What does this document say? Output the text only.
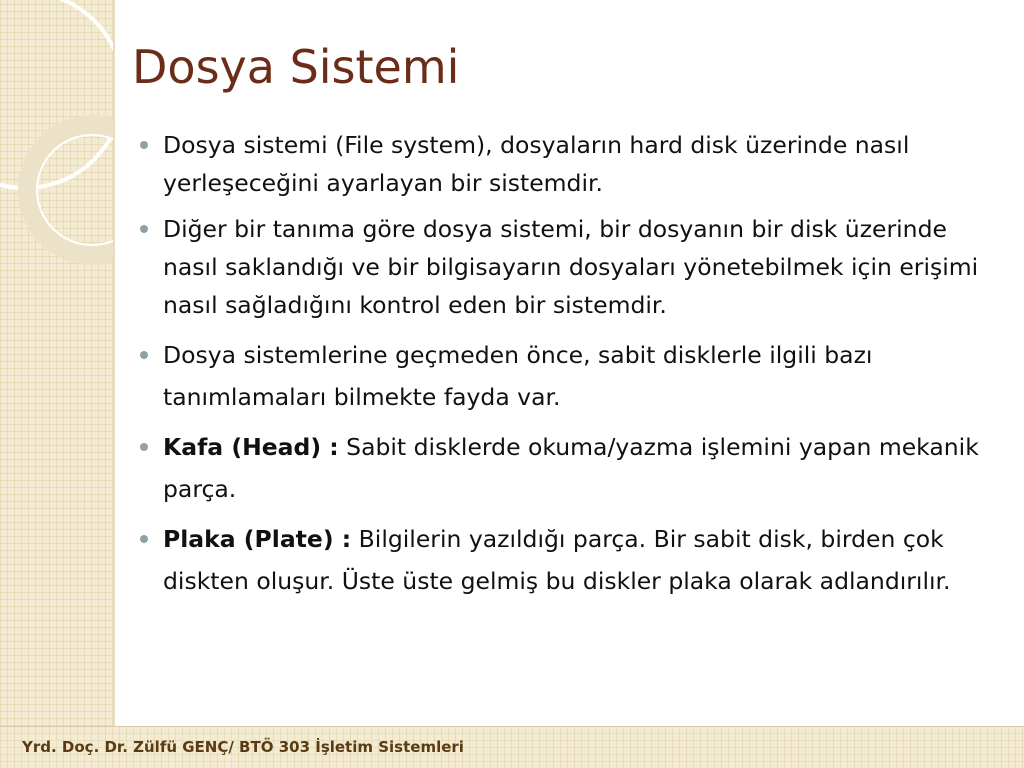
Dosya Sistemi
Dosya sistemi (File system), dosyaların hard disk üzerinde nasıl yerleşeceğini ayarlayan bir sistemdir.
Diğer bir tanıma göre dosya sistemi, bir dosyanın bir disk üzerinde nasıl saklandığı ve bir bilgisayarın dosyaları yönetebilmek için erişimi nasıl sağladığını kontrol eden bir sistemdir.
Dosya sistemlerine geçmeden önce, sabit disklerle ilgili bazı tanımlamaları bilmekte fayda var.
Kafa (Head) : Sabit disklerde okuma/yazma işlemini yapan mekanik parça.
Plaka (Plate) : Bilgilerin yazıldığı parça. Bir sabit disk, birden çok diskten oluşur. Üste üste gelmiş bu diskler plaka olarak adlandırılır.
Yrd. Doç. Dr. Zülfü GENÇ/ BTÖ 303 İşletim Sistemleri
